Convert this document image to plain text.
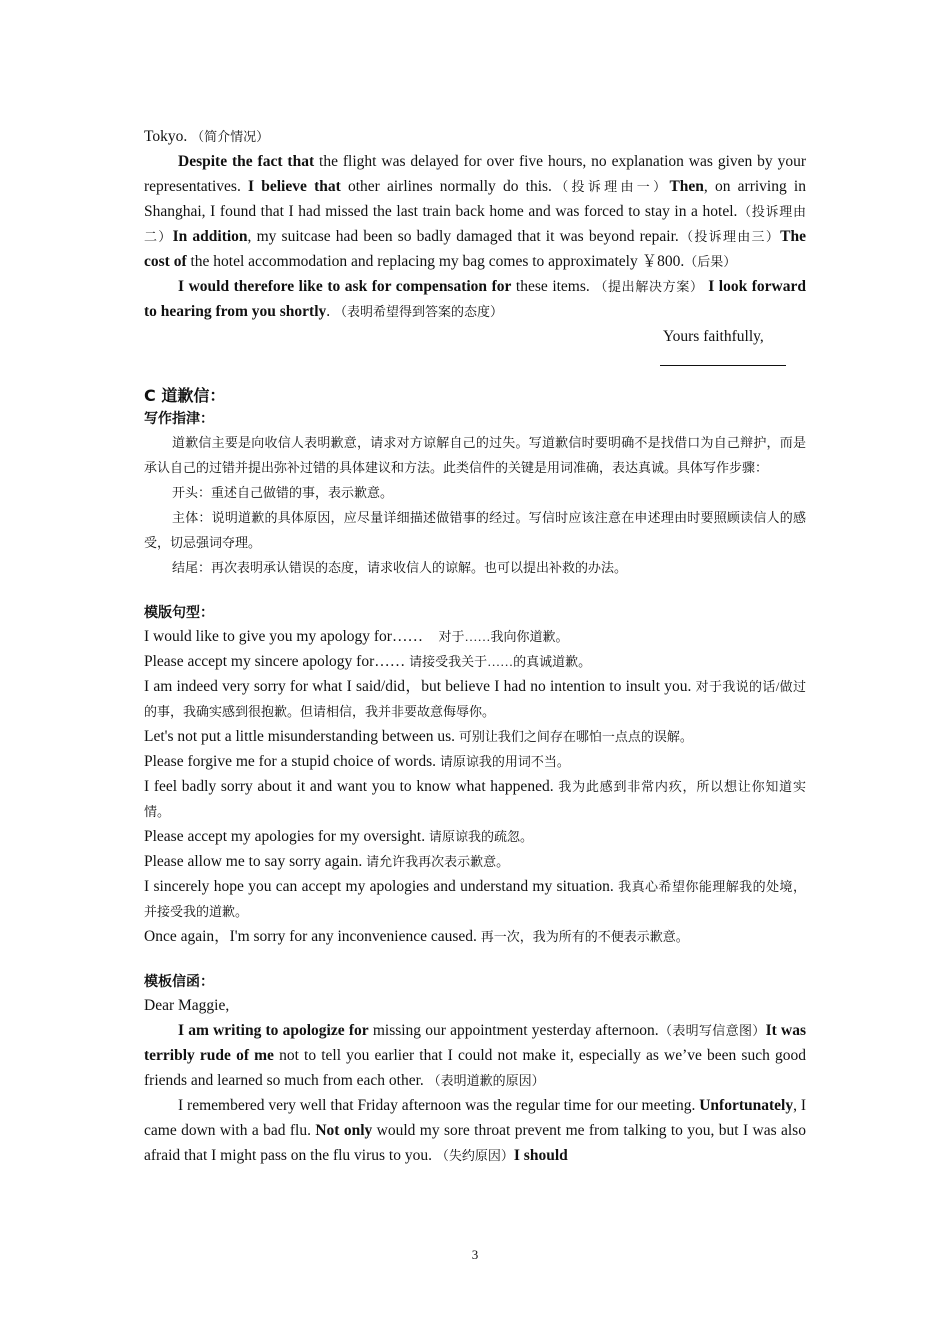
Tokyo. （简介情况）

Despite the fact that the flight was delayed for over five hours, no explanation was given by your representatives. I believe that other airlines normally do this.（投诉理由一）Then, on arriving in Shanghai, I found that I had missed the last train back home and was forced to stay in a hotel.（投诉理由二）In addition, my suitcase had been so badly damaged that it was beyond repair.（投诉理由三）The cost of the hotel accommodation and replacing my bag comes to approximately ￥800.（后果）

I would therefore like to ask for compensation for these items. （提出解决方案） I look forward to hearing from you shortly. （表明希望得到答案的态度）

Yours faithfully,

C 道歉信：
写作指津：

道歉信主要是向收信人表明歉意，请求对方谅解自己的过失。写道歉信时要明确不是找借口为自己辩护，而是承认自己的过错并提出弥补过错的具体建议和方法。此类信件的关键是用词准确，表达真诚。具体写作步骤：

开头：重述自己做错的事，表示歉意。

主体：说明道歉的具体原因，应尽量详细描述做错事的经过。写信时应该注意在申述理由时要照顾读信人的感受，切忌强词夺理。

结尾：再次表明承认错误的态度，请求收信人的谅解。也可以提出补救的办法。

模版句型：

I would like to give you my apology for……  对于……我向你道歉。

Please accept my sincere apology for…… 请接受我关于……的真诚道歉。

I am indeed very sorry for what I said/did，but believe I had no intention to insult you. 对于我说的话/做过的事，我确实感到很抱歉。但请相信，我并非要故意侮辱你。

Let's not put a little misunderstanding between us. 可别让我们之间存在哪怕一点点的误解。

Please forgive me for a stupid choice of words. 请原谅我的用词不当。

I feel badly sorry about it and want you to know what happened. 我为此感到非常内疚，所以想让你知道实情。

Please accept my apologies for my oversight. 请原谅我的疏忽。

Please allow me to say sorry again. 请允许我再次表示歉意。

I sincerely hope you can accept my apologies and understand my situation. 我真心希望你能理解我的处境，并接受我的道歉。

Once again，I'm sorry for any inconvenience caused. 再一次，我为所有的不便表示歉意。

模板信函：

Dear Maggie,

I am writing to apologize for missing our appointment yesterday afternoon.（表明写信意图）It was terribly rude of me not to tell you earlier that I could not make it, especially as we’ve been such good friends and learned so much from each other. （表明道歉的原因）

I remembered very well that Friday afternoon was the regular time for our meeting. Unfortunately, I came down with a bad flu. Not only would my sore throat prevent me from talking to you, but I was also afraid that I might pass on the flu virus to you. （失约原因）I should

3
